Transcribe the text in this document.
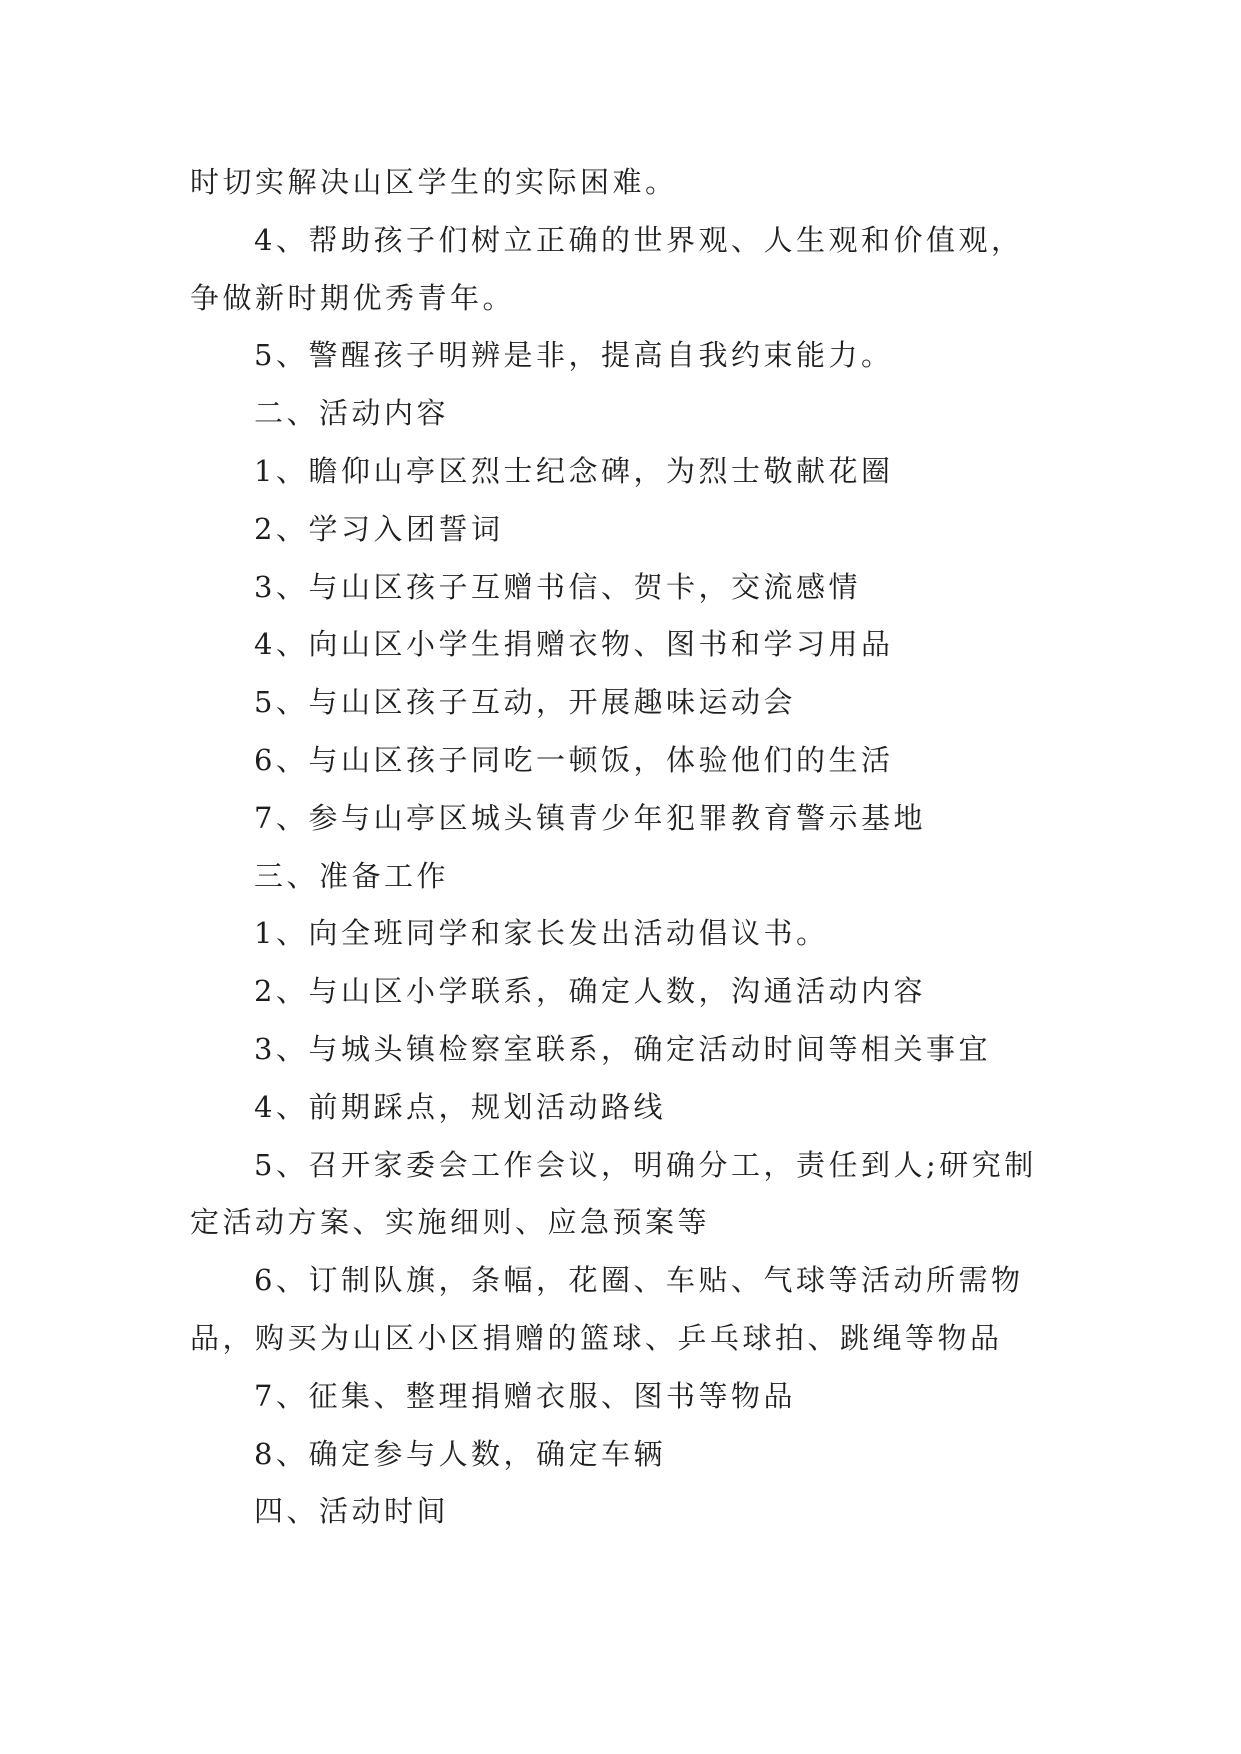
时切实解决山区学生的实际困难。
4、帮助孩子们树立正确的世界观、人生观和价值观，
争做新时期优秀青年。
5、警醒孩子明辨是非，提高自我约束能力。
二、活动内容
1、瞻仰山亭区烈士纪念碑，为烈士敬献花圈
2、学习入团誓词
3、与山区孩子互赠书信、贺卡，交流感情
4、向山区小学生捐赠衣物、图书和学习用品
5、与山区孩子互动，开展趣味运动会
6、与山区孩子同吃一顿饭，体验他们的生活
7、参与山亭区城头镇青少年犯罪教育警示基地
三、准备工作
1、向全班同学和家长发出活动倡议书。
2、与山区小学联系，确定人数，沟通活动内容
3、与城头镇检察室联系，确定活动时间等相关事宜
4、前期踩点，规划活动路线
5、召开家委会工作会议，明确分工，责任到人;研究制
定活动方案、实施细则、应急预案等
6、订制队旗，条幅，花圈、车贴、气球等活动所需物
品，购买为山区小区捐赠的篮球、乒乓球拍、跳绳等物品
7、征集、整理捐赠衣服、图书等物品
8、确定参与人数，确定车辆
四、活动时间
